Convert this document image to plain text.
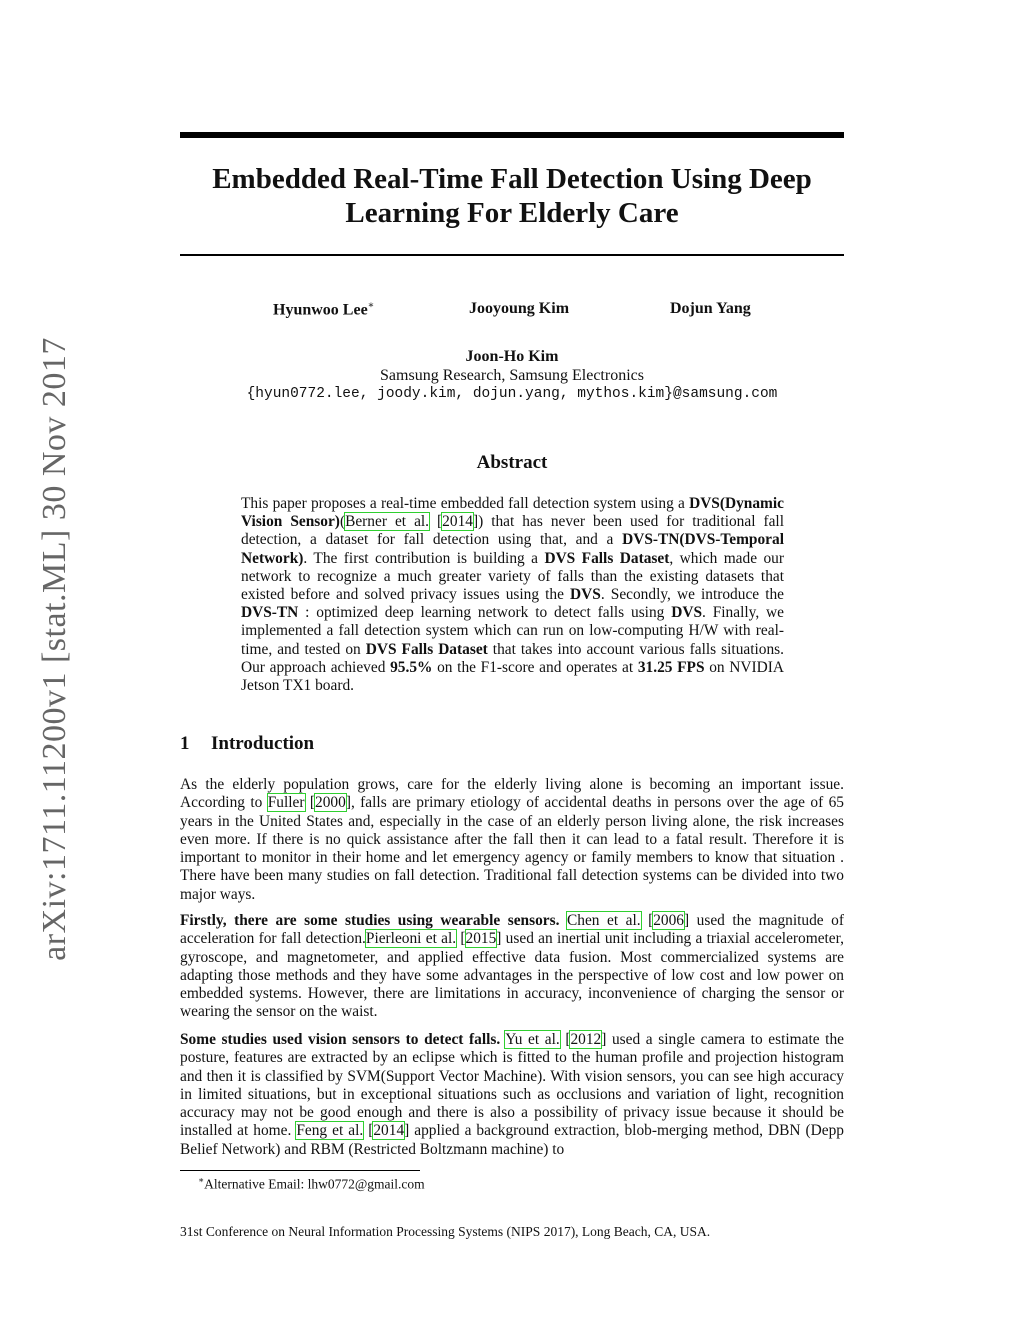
arXiv:1711.11200v1 [stat.ML] 30 Nov 2017
Embedded Real-Time Fall Detection Using Deep
Learning For Elderly Care
Hyunwoo Lee∗	Jooyoung Kim	Dojun Yang
Joon-Ho Kim
Samsung Research, Samsung Electronics
{hyun0772.lee, joody.kim, dojun.yang, mythos.kim}@samsung.com
Abstract

This paper proposes a real-time embedded fall detection system using a DVS(Dynamic Vision Sensor)(Berner et al. [2014]) that has never been used for traditional fall detection, a dataset for fall detection using that, and a DVS-TN(DVS-Temporal Network). The first contribution is building a DVS Falls Dataset, which made our network to recognize a much greater variety of falls than the existing datasets that existed before and solved privacy issues using the DVS. Secondly, we introduce the DVS-TN : optimized deep learning network to detect falls using DVS. Finally, we implemented a fall detection system which can run on low-computing H/W with real-time, and tested on DVS Falls Dataset that takes into account various falls situations. Our approach achieved 95.5% on the F1-score and operates at 31.25 FPS on NVIDIA Jetson TX1 board.

1 Introduction

As the elderly population grows, care for the elderly living alone is becoming an important issue. According to Fuller [2000], falls are primary etiology of accidental deaths in persons over the age of 65 years in the United States and, especially in the case of an elderly person living alone, the risk increases even more. If there is no quick assistance after the fall then it can lead to a fatal result. Therefore it is important to monitor in their home and let emergency agency or family members to know that situation . There have been many studies on fall detection. Traditional fall detection systems can be divided into two major ways.

Firstly, there are some studies using wearable sensors. Chen et al. [2006] used the magnitude of acceleration for fall detection.Pierleoni et al. [2015] used an inertial unit including a triaxial accelerometer, gyroscope, and magnetometer, and applied effective data fusion. Most commercialized systems are adapting those methods and they have some advantages in the perspective of low cost and low power on embedded systems. However, there are limitations in accuracy, inconvenience of charging the sensor or wearing the sensor on the waist.

Some studies used vision sensors to detect falls. Yu et al. [2012] used a single camera to estimate the posture, features are extracted by an eclipse which is fitted to the human profile and projection histogram and then it is classified by SVM(Support Vector Machine). With vision sensors, you can see high accuracy in limited situations, but in exceptional situations such as occlusions and variation of light, recognition accuracy may not be good enough and there is also a possibility of privacy issue because it should be installed at home. Feng et al. [2014] applied a background extraction, blob-merging method, DBN (Depp Belief Network) and RBM (Restricted Boltzmann machine) to

∗Alternative Email: lhw0772@gmail.com
31st Conference on Neural Information Processing Systems (NIPS 2017), Long Beach, CA, USA.
